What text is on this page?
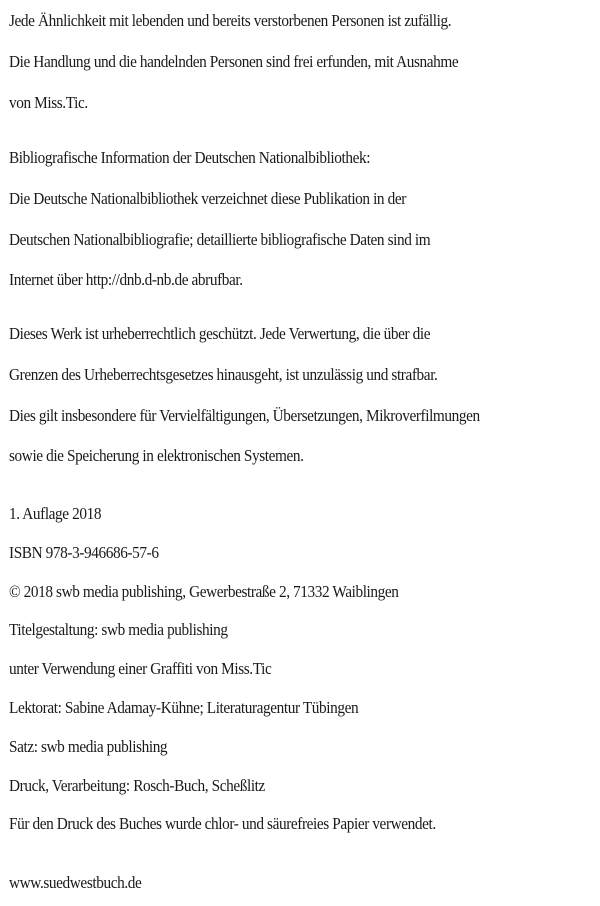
Jede Ähnlichkeit mit lebenden und bereits verstorbenen Personen ist zufällig.
Die Handlung und die handelnden Personen sind frei erfunden, mit Ausnahme
von Miss.Tic.
Bibliografische Information der Deutschen Nationalbibliothek:
Die Deutsche Nationalbibliothek verzeichnet diese Publikation in der
Deutschen Nationalbibliografie; detaillierte bibliografische Daten sind im
Internet über http://dnb.d-nb.de abrufbar.
Dieses Werk ist urheberrechtlich geschützt. Jede Verwertung, die über die
Grenzen des Urheberrechtsgesetzes hinausgeht, ist unzulässig und strafbar.
Dies gilt insbesondere für Vervielfältigungen, Übersetzungen, Mikroverfilmungen
sowie die Speicherung in elektronischen Systemen.
1. Auflage 2018
ISBN 978-3-946686-57-6
© 2018 swb media publishing, Gewerbestraße 2, 71332 Waiblingen
Titelgestaltung: swb media publishing
unter Verwendung einer Graffiti von Miss.Tic
Lektorat: Sabine Adamay-Kühne; Literaturagentur Tübingen
Satz: swb media publishing
Druck, Verarbeitung: Rosch-Buch, Scheßlitz
Für den Druck des Buches wurde chlor- und säurefreies Papier verwendet.
www.suedwestbuch.de
